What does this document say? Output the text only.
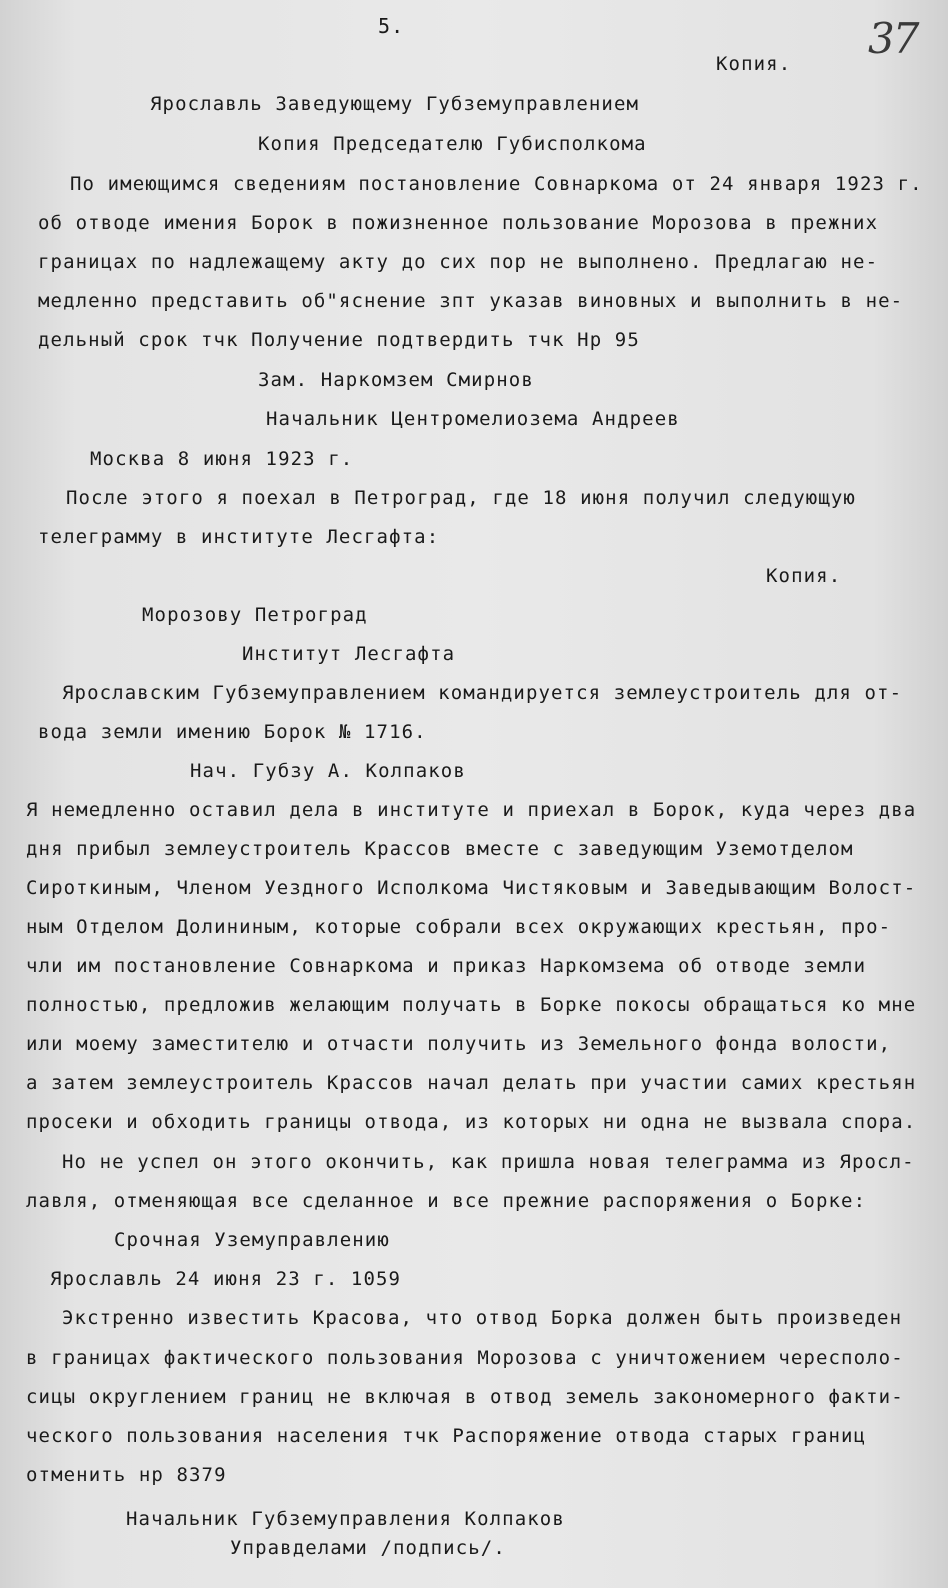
5.	37
Копия.
Ярославль Заведующему Губземуправлением
Копия Председателю Губисполкома
По имеющимся сведениям постановление Совнаркома от 24 января 1923 г.
об отводе имения Борок в пожизненное пользование Морозова в прежних
границах по надлежащему акту до сих пор не выполнено. Предлагаю не-
медленно представить об"яснение зпт указав виновных и выполнить в не-
дельный срок тчк Получение подтвердить тчк Нр 95
Зам. Наркомзем Смирнов
Начальник Центромелиозема Андреев
Москва 8 июня 1923 г.
После этого я поехал в Петроград, где 18 июня получил следующую
телеграмму в институте Лесгафта:
Копия.
Морозову Петроград
Институт Лесгафта
Ярославским Губземуправлением командируется землеустроитель для от-
вода земли имению Борок № 1716.
Нач. Губзу А. Колпаков
Я немедленно оставил дела в институте и приехал в Борок, куда через два
дня прибыл землеустроитель Крассов вместе с заведующим Уземотделом
Сироткиным, Членом Уездного Исполкома Чистяковым и Заведывающим Волост-
ным Отделом Долининым, которые собрали всех окружающих крестьян, про-
чли им постановление Совнаркома и приказ Наркомзема об отводе земли
полностью, предложив желающим получать в Борке покосы обращаться ко мне
или моему заместителю и отчасти получить из Земельного фонда волости,
а затем землеустроитель Крассов начал делать при участии самих крестьян
просеки и обходить границы отвода, из которых ни одна не вызвала спора.
Но не успел он этого окончить, как пришла новая телеграмма из Яросл-
лавля, отменяющая все сделанное и все прежние распоряжения о Борке:
Срочная Уземуправлению
Ярославль 24 июня 23 г. 1059
Экстренно известить Красова, что отвод Борка должен быть произведен
в границах фактического пользования Морозова с уничтожением чересполо-
сицы округлением границ не включая в отвод земель закономерного факти-
ческого пользования населения тчк Распоряжение отвода старых границ
отменить нр 8379
Начальник Губземуправления Колпаков
Управделами /подпись/.
